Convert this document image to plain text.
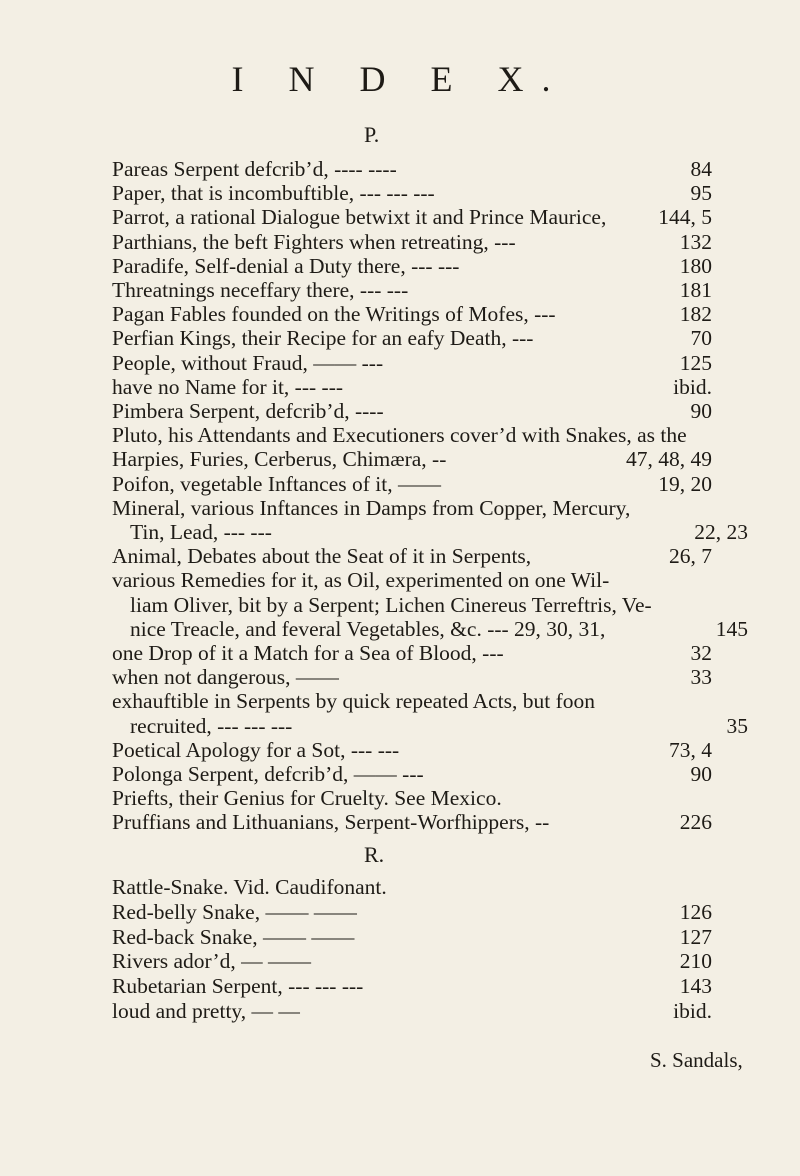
I N D E X.
P.
Pareas Serpent defcrib’d, ---- ----	84
Paper, that is incombuftible, --- --- ---	95
Parrot, a rational Dialogue betwixt it and Prince Maurice, 144, 5
Parthians, the beft Fighters when retreating, ---	132
Paradife, Self-denial a Duty there, --- ---	180
Threatnings neceffary there, --- ---	181
Pagan Fables founded on the Writings of Mofes, ---	182
Perfian Kings, their Recipe for an eafy Death, ---	70
People, without Fraud, —— ---	125
have no Name for it, --- ---	ibid.
Pimbera Serpent, defcrib’d, ----	90
Pluto, his Attendants and Executioners cover’d with Snakes, as the
Harpies, Furies, Cerberus, Chimæra, --	47, 48, 49
Poifon, vegetable Inftances of it, ——	19, 20
Mineral, various Inftances in Damps from Copper, Mercury,
Tin, Lead, --- ---	22, 23
Animal, Debates about the Seat of it in Serpents,	26, 7
various Remedies for it, as Oil, experimented on one Wil-
liam Oliver, bit by a Serpent; Lichen Cinereus Terreftris, Ve-
nice Treacle, and feveral Vegetables, &c. --- 29, 30, 31,	145
one Drop of it a Match for a Sea of Blood, ---	32
when not dangerous, ——	33
exhauftible in Serpents by quick repeated Acts, but foon
recruited, --- --- ---	35
Poetical Apology for a Sot, --- ---	73, 4
Polonga Serpent, defcrib’d, —— ---	90
Priefts, their Genius for Cruelty. See Mexico.
Pruffians and Lithuanians, Serpent-Worfhippers, --	226
R.
Rattle-Snake. Vid. Caudifonant.
Red-belly Snake, —— ——	126
Red-back Snake, —— ——	127
Rivers ador’d, — ——	210
Rubetarian Serpent, --- --- ---	143
loud and pretty, — —	ibid.
S. Sandals,
